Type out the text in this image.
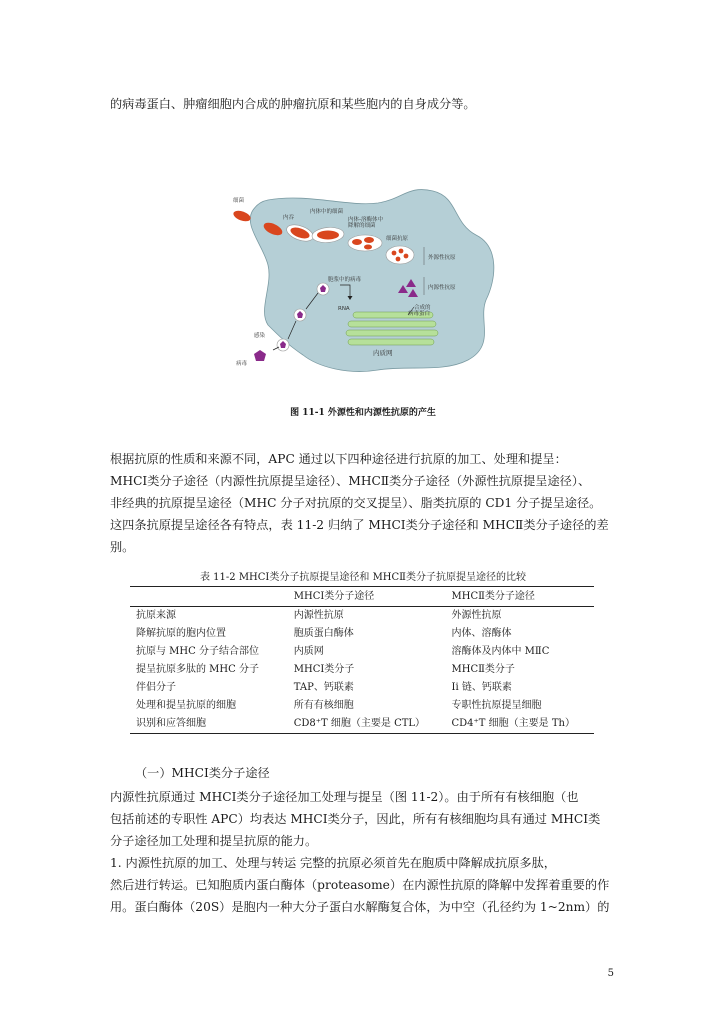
的病毒蛋白、肿瘤细胞内合成的肿瘤抗原和某些胞内的自身成分等。
细菌
内吞
内体中的细菌
内体-溶酶体中 降解的细菌
细菌抗原
外源性抗原
内源性抗原
病毒
感染
胞浆中的病毒
RNA	合成的 病毒蛋白
内质网

图 11-1 外源性和内源性抗原的产生

根据抗原的性质和来源不同，APC 通过以下四种途径进行抗原的加工、处理和提呈：
MHCⅠ类分子途径（内源性抗原提呈途径）、MHCⅡ类分子途径（外源性抗原提呈途径）、
非经典的抗原提呈途径（MHC 分子对抗原的交叉提呈）、脂类抗原的 CD1 分子提呈途径。
这四条抗原提呈途径各有特点，表 11-2 归纳了 MHCⅠ类分子途径和 MHCⅡ类分子途径的差
别。

表 11-2 MHCⅠ类分子抗原提呈途径和 MHCⅡ类分子抗原提呈途径的比较

	MHCⅠ类分子途径	MHCⅡ类分子途径
抗原来源	内源性抗原	外源性抗原
降解抗原的胞内位置	胞质蛋白酶体	内体、溶酶体
抗原与 MHC 分子结合部位	内质网	溶酶体及内体中 MⅡC
提呈抗原多肽的 MHC 分子	MHCⅠ类分子	MHCⅡ类分子
伴侣分子	TAP、钙联素	Ii 链、钙联素
处理和提呈抗原的细胞	所有有核细胞	专职性抗原提呈细胞
识别和应答细胞	CD8⁺T 细胞（主要是 CTL）	CD4⁺T 细胞（主要是 Th）

（一）MHCⅠ类分子途径

内源性抗原通过 MHCⅠ类分子途径加工处理与提呈（图 11-2）。由于所有有核细胞（也
包括前述的专职性 APC）均表达 MHCⅠ类分子，因此，所有有核细胞均具有通过 MHCⅠ类
分子途径加工处理和提呈抗原的能力。
1. 内源性抗原的加工、处理与转运 完整的抗原必须首先在胞质中降解成抗原多肽，
然后进行转运。已知胞质内蛋白酶体（proteasome）在内源性抗原的降解中发挥着重要的作
用。蛋白酶体（20S）是胞内一种大分子蛋白水解酶复合体，为中空（孔径约为 1~2nm）的

5
